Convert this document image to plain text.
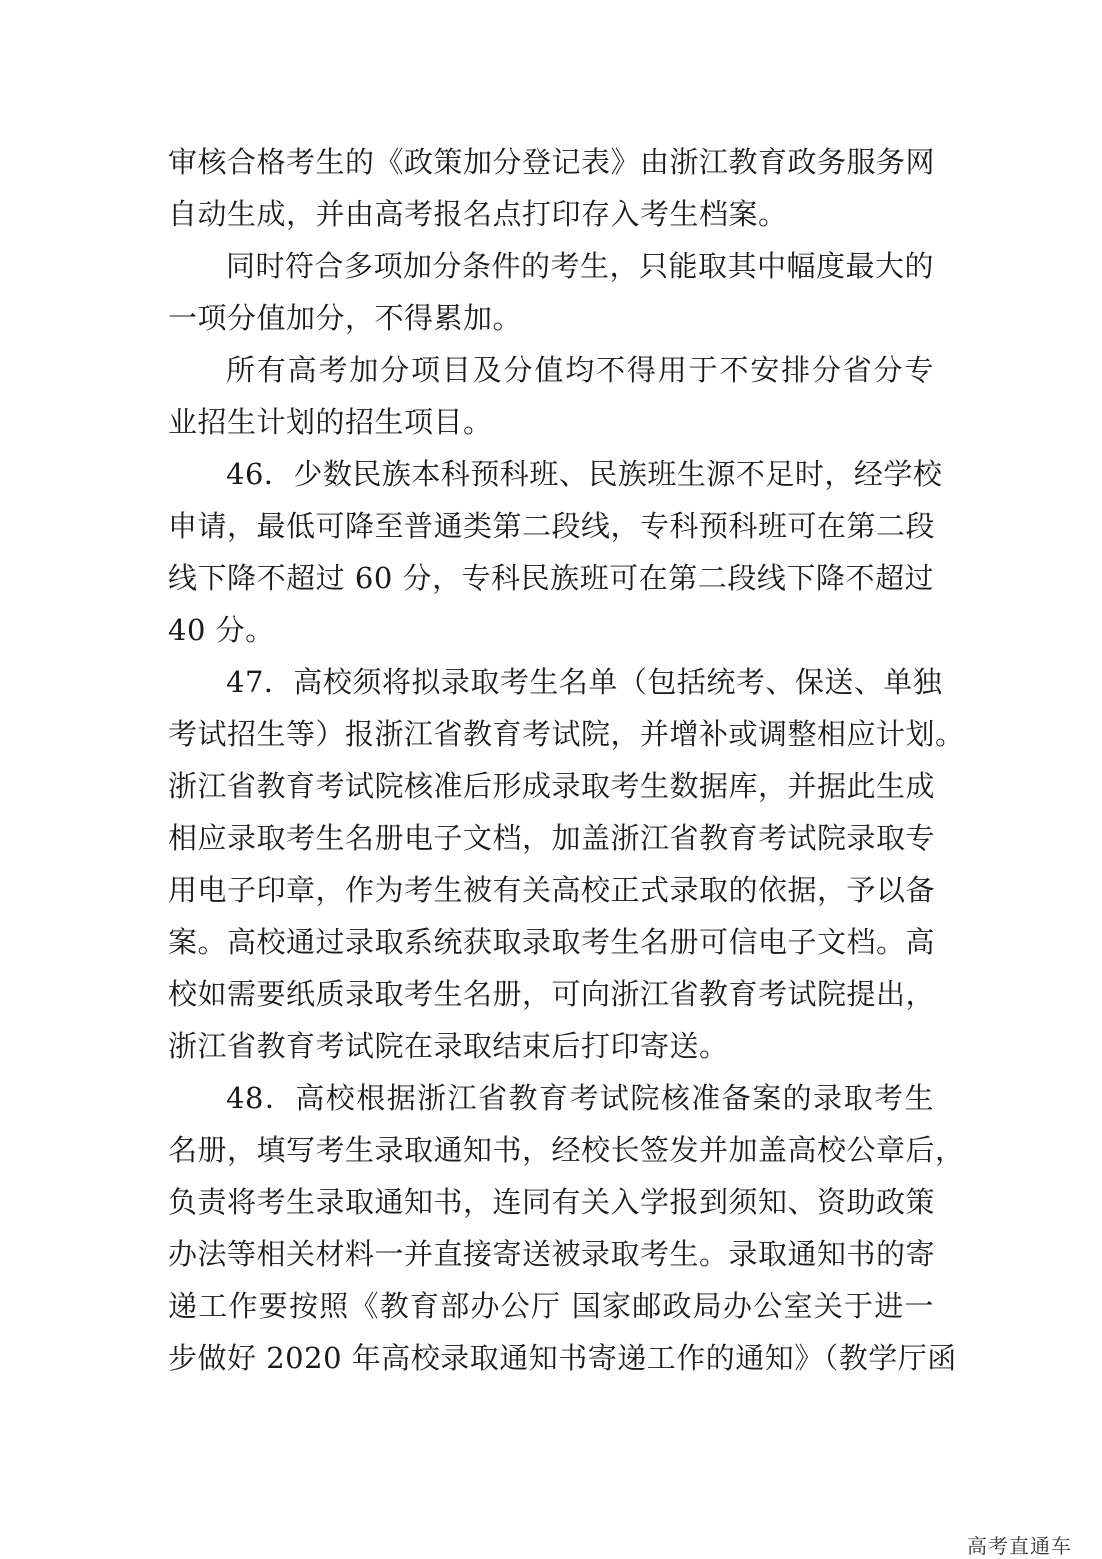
审核合格考生的《政策加分登记表》由浙江教育政务服务网
自动生成，并由高考报名点打印存入考生档案。
同时符合多项加分条件的考生，只能取其中幅度最大的
一项分值加分，不得累加。
所有高考加分项目及分值均不得用于不安排分省分专
业招生计划的招生项目。
46．少数民族本科预科班、民族班生源不足时，经学校
申请，最低可降至普通类第二段线，专科预科班可在第二段
线下降不超过 60 分，专科民族班可在第二段线下降不超过
40 分。
47．高校须将拟录取考生名单（包括统考、保送、单独
考试招生等）报浙江省教育考试院，并增补或调整相应计划。
浙江省教育考试院核准后形成录取考生数据库，并据此生成
相应录取考生名册电子文档，加盖浙江省教育考试院录取专
用电子印章，作为考生被有关高校正式录取的依据，予以备
案。高校通过录取系统获取录取考生名册可信电子文档。高
校如需要纸质录取考生名册，可向浙江省教育考试院提出，
浙江省教育考试院在录取结束后打印寄送。
48．高校根据浙江省教育考试院核准备案的录取考生
名册，填写考生录取通知书，经校长签发并加盖高校公章后，
负责将考生录取通知书，连同有关入学报到须知、资助政策
办法等相关材料一并直接寄送被录取考生。录取通知书的寄
递工作要按照《教育部办公厅 国家邮政局办公室关于进一
步做好 2020 年高校录取通知书寄递工作的通知》（教学厅函
高考直通车
